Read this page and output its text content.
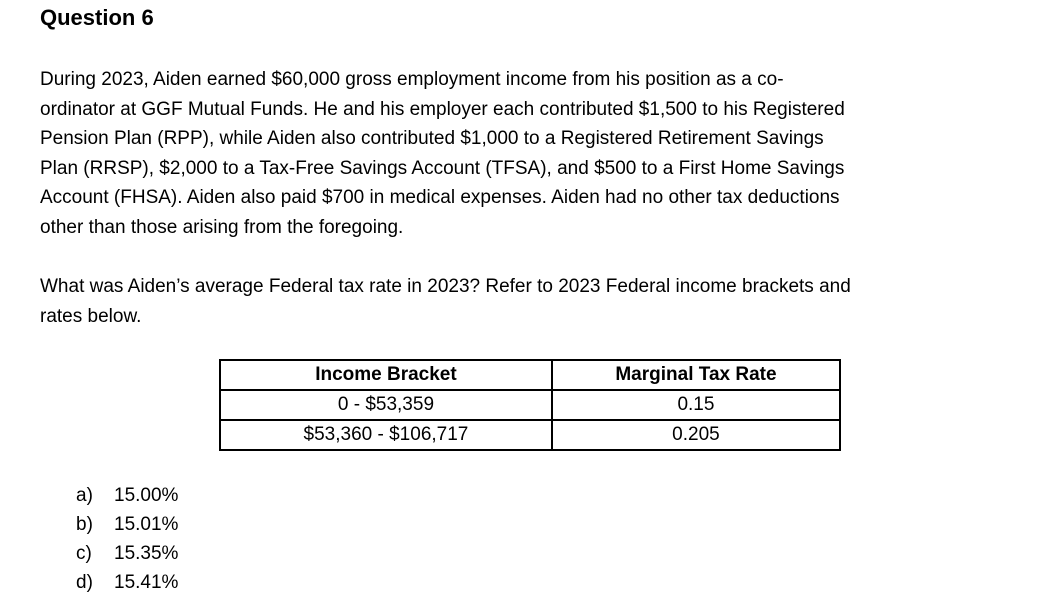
Question 6
During 2023, Aiden earned $60,000 gross employment income from his position as a co-
ordinator at GGF Mutual Funds. He and his employer each contributed $1,500 to his Registered
Pension Plan (RPP), while Aiden also contributed $1,000 to a Registered Retirement Savings
Plan (RRSP), $2,000 to a Tax-Free Savings Account (TFSA), and $500 to a First Home Savings
Account (FHSA). Aiden also paid $700 in medical expenses. Aiden had no other tax deductions
other than those arising from the foregoing.
What was Aiden’s average Federal tax rate in 2023? Refer to 2023 Federal income brackets and
rates below.
Income Bracket	Marginal Tax Rate
0 - $53,359	0.15
$53,360 - $106,717	0.205
a) 15.00%
b) 15.01%
c) 15.35%
d) 15.41%
